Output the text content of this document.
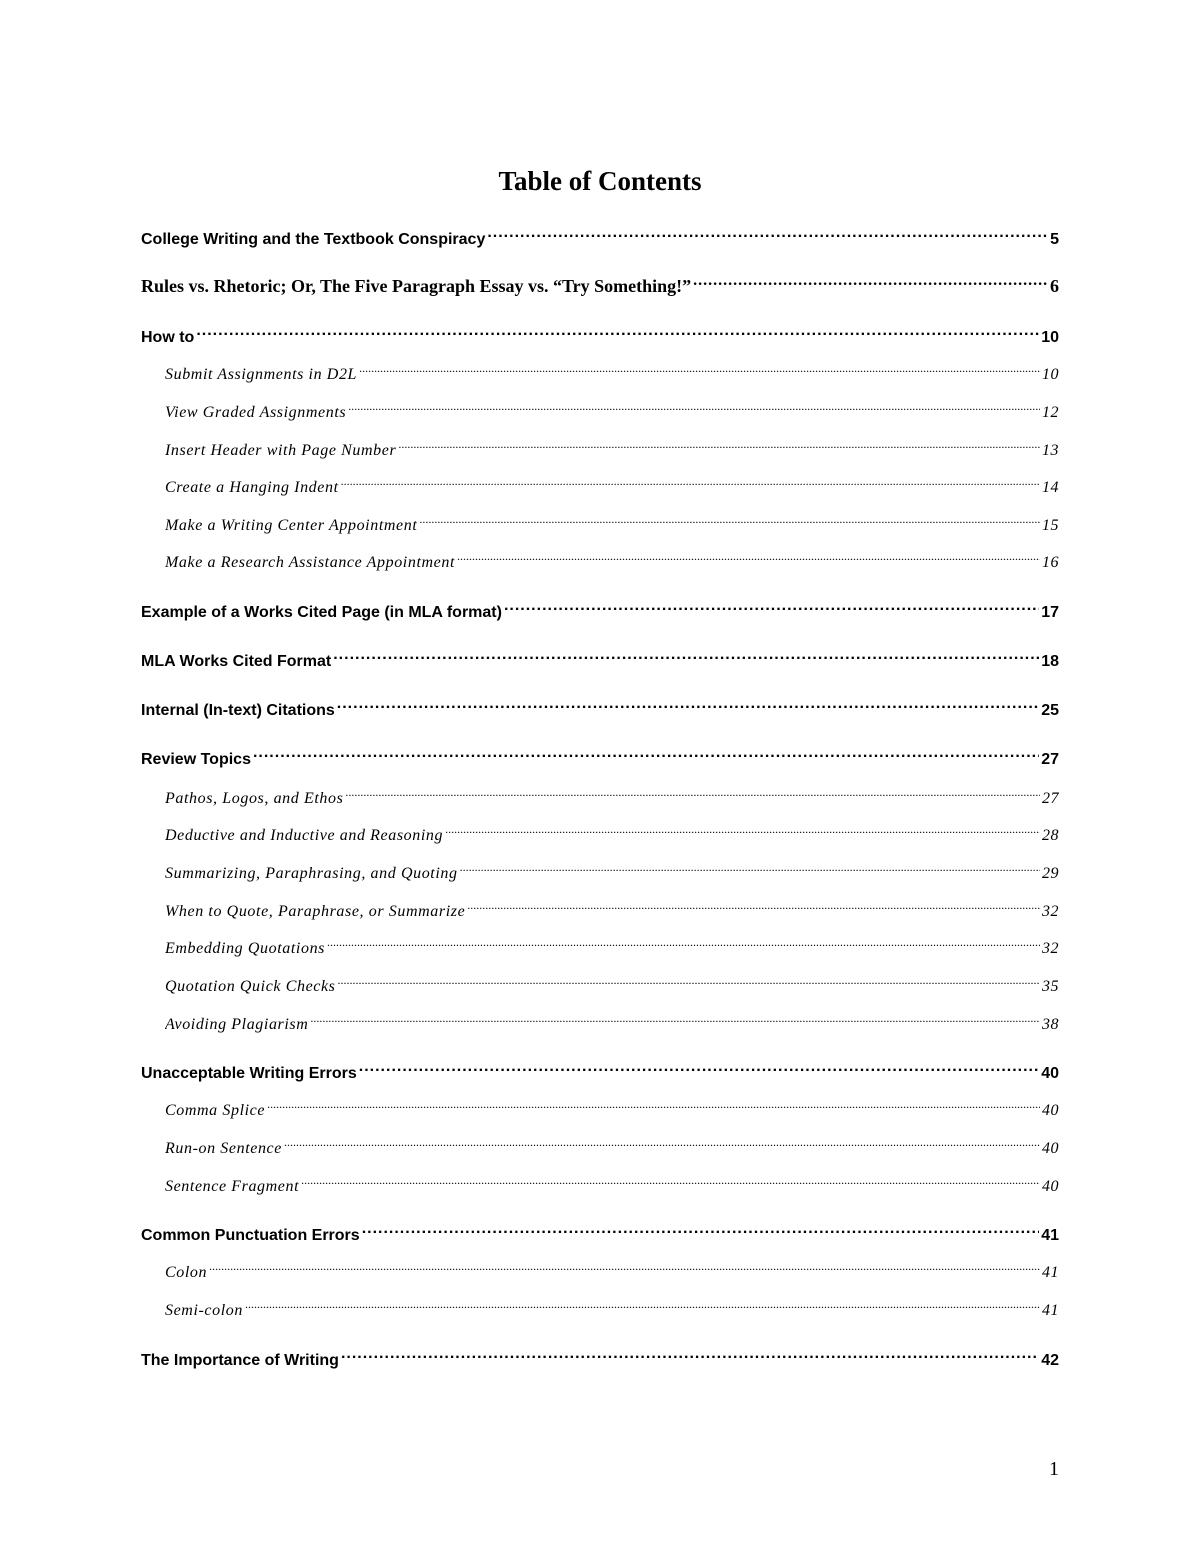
Table of Contents
College Writing and the Textbook Conspiracy .....	5
Rules vs. Rhetoric; Or, The Five Paragraph Essay vs. “Try Something!” .....	6
How to .....	10
Submit Assignments in D2L .....	10
View Graded Assignments .....	12
Insert Header with Page Number .....	13
Create a Hanging Indent .....	14
Make a Writing Center Appointment .....	15
Make a Research Assistance Appointment .....	16
Example of a Works Cited Page (in MLA format) .....	17
MLA Works Cited Format .....	18
Internal (In-text) Citations .....	25
Review Topics .....	27
Pathos, Logos, and Ethos .....	27
Deductive and Inductive and Reasoning .....	28
Summarizing, Paraphrasing, and Quoting .....	29
When to Quote, Paraphrase, or Summarize .....	32
Embedding Quotations .....	32
Quotation Quick Checks .....	35
Avoiding Plagiarism .....	38
Unacceptable Writing Errors .....	40
Comma Splice .....	40
Run-on Sentence .....	40
Sentence Fragment .....	40
Common Punctuation Errors .....	41
Colon .....	41
Semi-colon .....	41
The Importance of Writing .....	42
1
